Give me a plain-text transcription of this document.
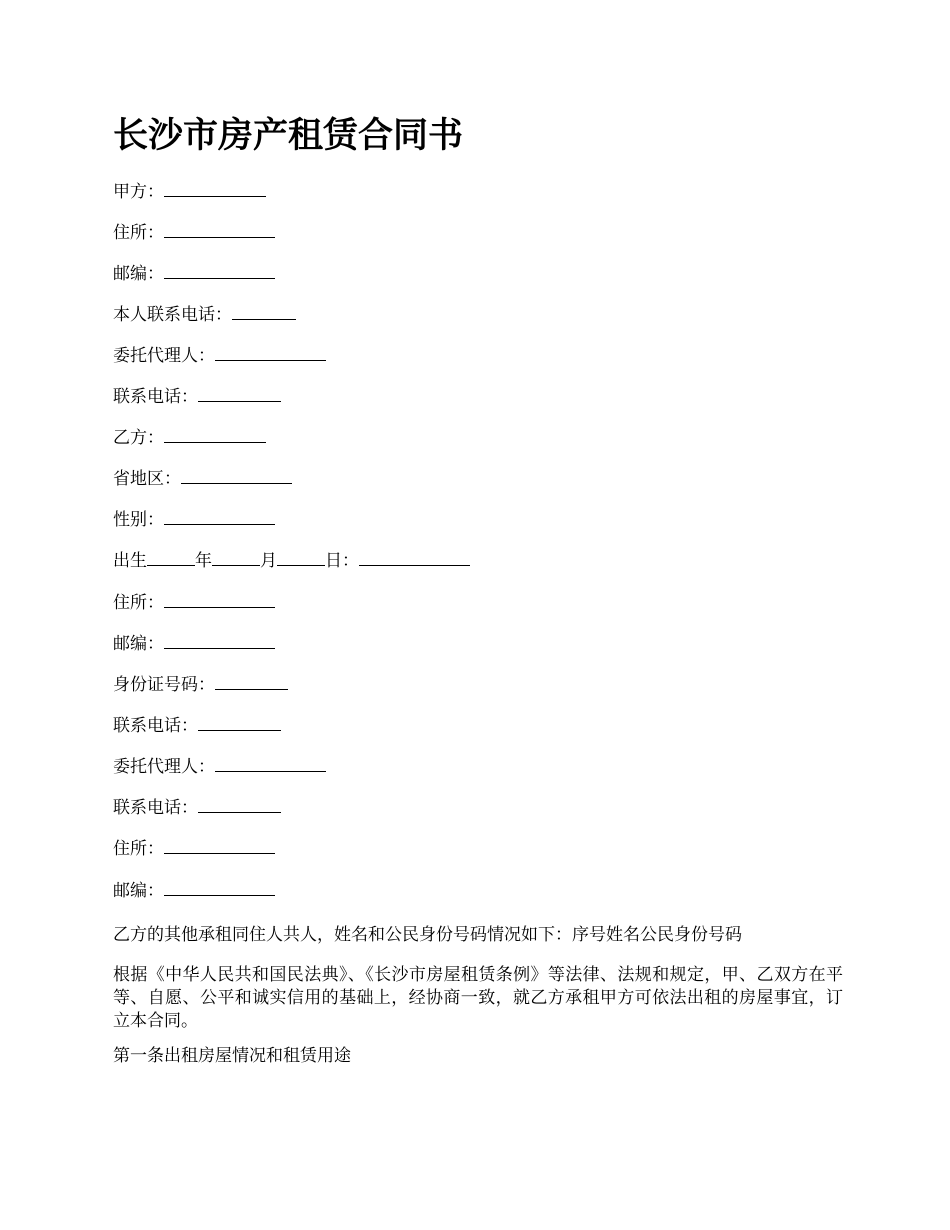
长沙市房产租赁合同书
甲方：
住所：
邮编：
本人联系电话：
委托代理人：
联系电话：
乙方：
省地区：
性别：
出生	年	月	日：
住所：
邮编：
身份证号码：
联系电话：
委托代理人：
联系电话：
住所：
邮编：

乙方的其他承租同住人共人，姓名和公民身份号码情况如下：序号姓名公民身份号码

根据《中华人民共和国民法典》、《长沙市房屋租赁条例》等法律、法规和规定，甲、乙双方在平等、自愿、公平和诚实信用的基础上，经协商一致，就乙方承租甲方可依法出租的房屋事宜，订立本合同。

第一条出租房屋情况和租赁用途
